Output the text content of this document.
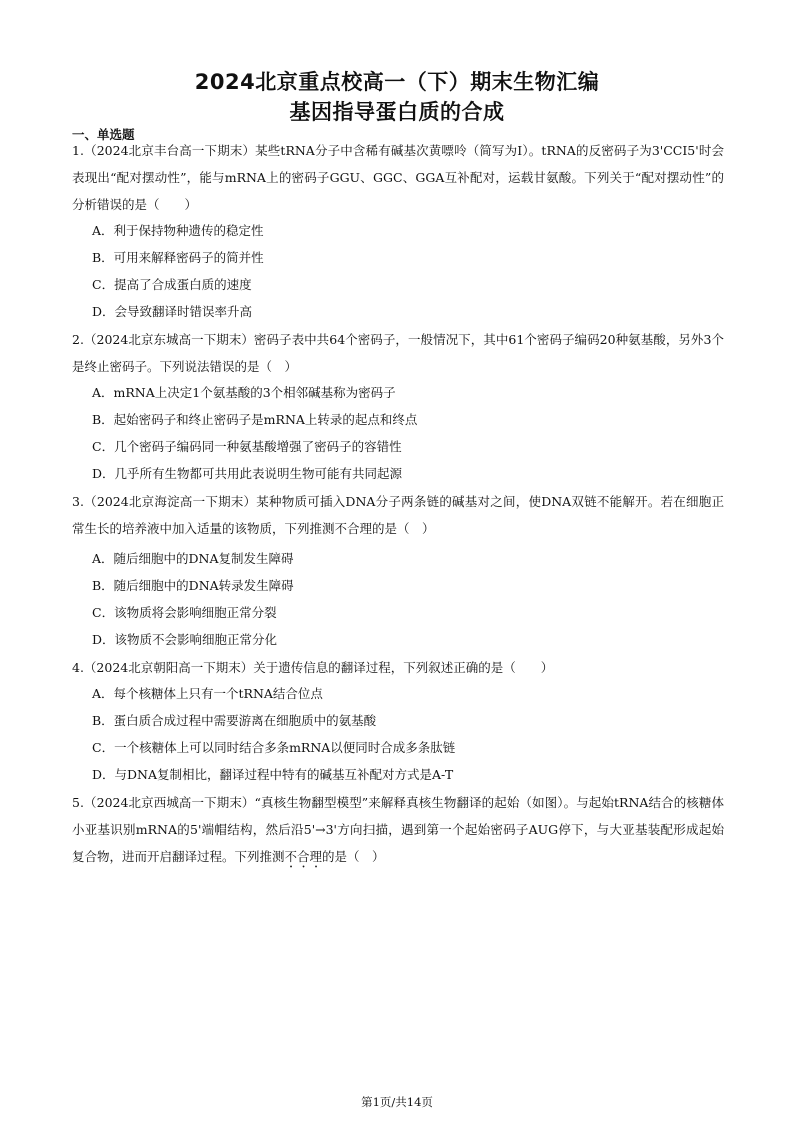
2024北京重点校高一（下）期末生物汇编
基因指导蛋白质的合成
一、单选题
1.（2024北京丰台高一下期末）某些tRNA分子中含稀有碱基次黄嘌呤（简写为I）。tRNA的反密码子为3'CCI5'时会表现出“配对摆动性”，能与mRNA上的密码子GGU、GGC、GGA互补配对，运载甘氨酸。下列关于“配对摆动性”的分析错误的是（　　）
A．利于保持物种遗传的稳定性
B．可用来解释密码子的简并性
C．提高了合成蛋白质的速度
D．会导致翻译时错误率升高
2.（2024北京东城高一下期末）密码子表中共64个密码子，一般情况下，其中61个密码子编码20种氨基酸，另外3个是终止密码子。下列说法错误的是（　）
A．mRNA上决定1个氨基酸的3个相邻碱基称为密码子
B．起始密码子和终止密码子是mRNA上转录的起点和终点
C．几个密码子编码同一种氨基酸增强了密码子的容错性
D．几乎所有生物都可共用此表说明生物可能有共同起源
3.（2024北京海淀高一下期末）某种物质可插入DNA分子两条链的碱基对之间，使DNA双链不能解开。若在细胞正常生长的培养液中加入适量的该物质，下列推测不合理的是（　）
A．随后细胞中的DNA复制发生障碍
B．随后细胞中的DNA转录发生障碍
C．该物质将会影响细胞正常分裂
D．该物质不会影响细胞正常分化
4.（2024北京朝阳高一下期末）关于遗传信息的翻译过程，下列叙述正确的是（　　）
A．每个核糖体上只有一个tRNA结合位点
B．蛋白质合成过程中需要游离在细胞质中的氨基酸
C．一个核糖体上可以同时结合多条mRNA以便同时合成多条肽链
D．与DNA复制相比，翻译过程中特有的碱基互补配对方式是A-T
5.（2024北京西城高一下期末）“真核生物翻型模型”来解释真核生物翻译的起始（如图）。与起始tRNA结合的核糖体小亚基识别mRNA的5'端帽结构，然后沿5'→3'方向扫描，遇到第一个起始密码子AUG停下，与大亚基装配形成起始复合物，进而开启翻译过程。下列推测不合理的是（　）
第1页/共14页
